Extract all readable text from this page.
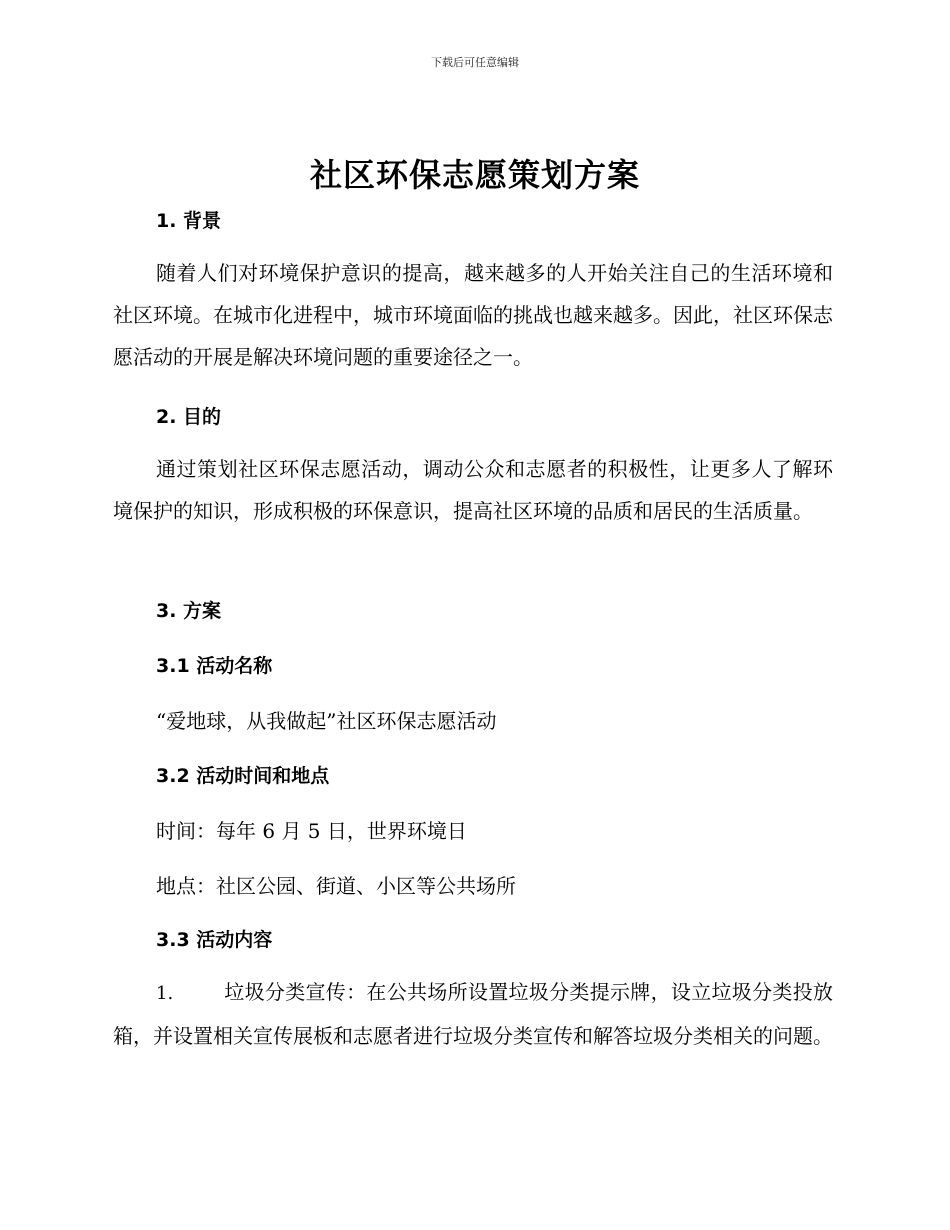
下载后可任意编辑
社区环保志愿策划方案
1. 背景
随着人们对环境保护意识的提高，越来越多的人开始关注自己的生活环境和社区环境。在城市化进程中，城市环境面临的挑战也越来越多。因此，社区环保志愿活动的开展是解决环境问题的重要途径之一。
2. 目的
通过策划社区环保志愿活动，调动公众和志愿者的积极性，让更多人了解环境保护的知识，形成积极的环保意识，提高社区环境的品质和居民的生活质量。
3. 方案
3.1 活动名称
“爱地球，从我做起”社区环保志愿活动
3.2 活动时间和地点
时间：每年 6 月 5 日，世界环境日
地点：社区公园、街道、小区等公共场所
3.3 活动内容
1.	垃圾分类宣传：在公共场所设置垃圾分类提示牌，设立垃圾分类投放箱，并设置相关宣传展板和志愿者进行垃圾分类宣传和解答垃圾分类相关的问题。
